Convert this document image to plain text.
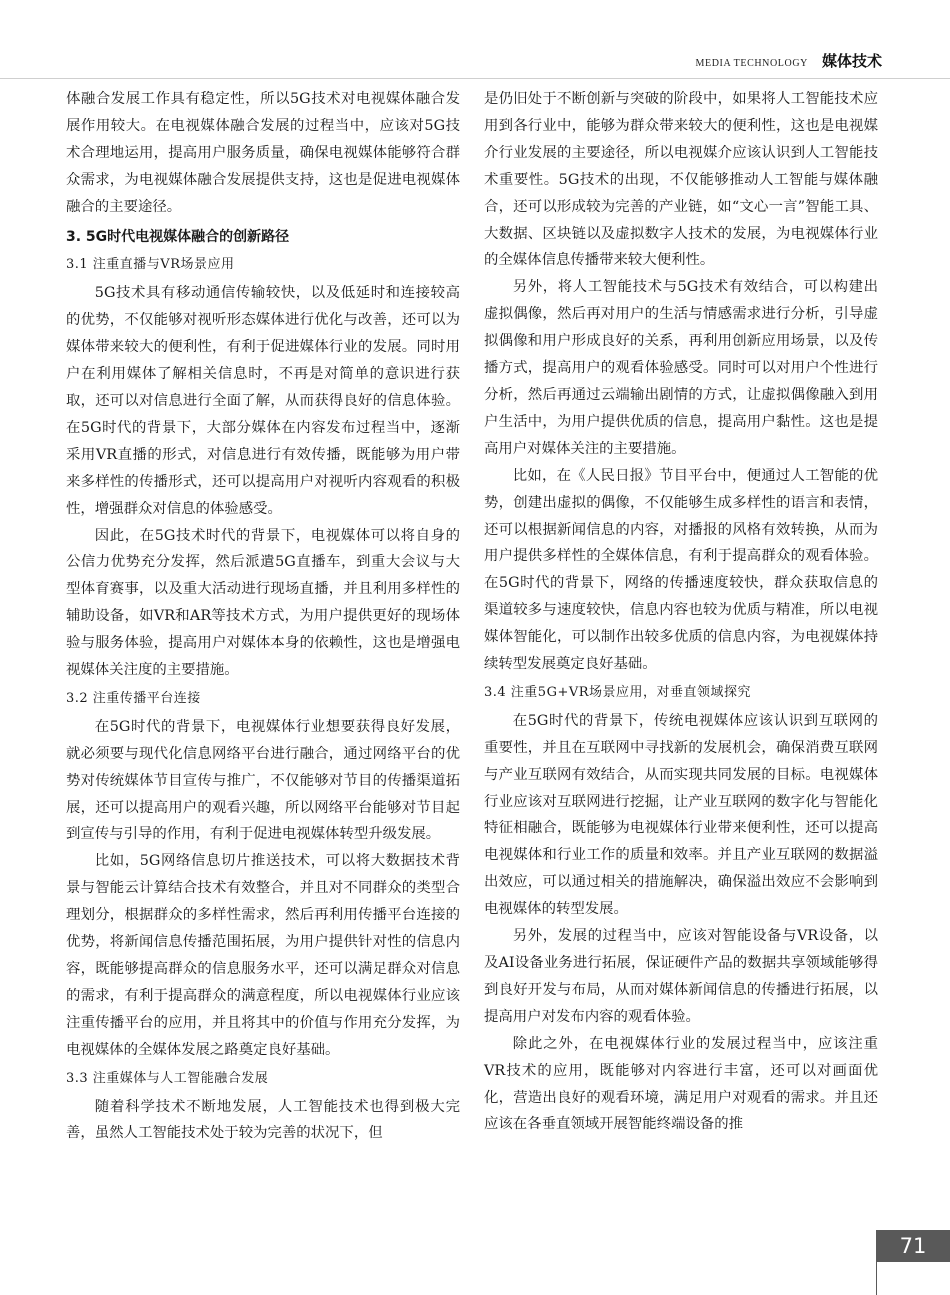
MEDIA TECHNOLOGY 媒体技术

体融合发展工作具有稳定性，所以5G技术对电视媒体融合发展作用较大。在电视媒体融合发展的过程当中，应该对5G技术合理地运用，提高用户服务质量，确保电视媒体能够符合群众需求，为电视媒体融合发展提供支持，这也是促进电视媒体融合的主要途径。

3. 5G时代电视媒体融合的创新路径
3.1 注重直播与VR场景应用

5G技术具有移动通信传输较快，以及低延时和连接较高的优势，不仅能够对视听形态媒体进行优化与改善，还可以为媒体带来较大的便利性，有利于促进媒体行业的发展。同时用户在利用媒体了解相关信息时，不再是对简单的意识进行获取，还可以对信息进行全面了解，从而获得良好的信息体验。在5G时代的背景下，大部分媒体在内容发布过程当中，逐渐采用VR直播的形式，对信息进行有效传播，既能够为用户带来多样性的传播形式，还可以提高用户对视听内容观看的积极性，增强群众对信息的体验感受。

因此，在5G技术时代的背景下，电视媒体可以将自身的公信力优势充分发挥，然后派遣5G直播车，到重大会议与大型体育赛事，以及重大活动进行现场直播，并且利用多样性的辅助设备，如VR和AR等技术方式，为用户提供更好的现场体验与服务体验，提高用户对媒体本身的依赖性，这也是增强电视媒体关注度的主要措施。

3.2 注重传播平台连接

在5G时代的背景下，电视媒体行业想要获得良好发展，就必须要与现代化信息网络平台进行融合，通过网络平台的优势对传统媒体节目宣传与推广，不仅能够对节目的传播渠道拓展，还可以提高用户的观看兴趣，所以网络平台能够对节目起到宣传与引导的作用，有利于促进电视媒体转型升级发展。

比如，5G网络信息切片推送技术，可以将大数据技术背景与智能云计算结合技术有效整合，并且对不同群众的类型合理划分，根据群众的多样性需求，然后再利用传播平台连接的优势，将新闻信息传播范围拓展，为用户提供针对性的信息内容，既能够提高群众的信息服务水平，还可以满足群众对信息的需求，有利于提高群众的满意程度，所以电视媒体行业应该注重传播平台的应用，并且将其中的价值与作用充分发挥，为电视媒体的全媒体发展之路奠定良好基础。

3.3 注重媒体与人工智能融合发展

随着科学技术不断地发展，人工智能技术也得到极大完善，虽然人工智能技术处于较为完善的状况下，但

是仍旧处于不断创新与突破的阶段中，如果将人工智能技术应用到各行业中，能够为群众带来较大的便利性，这也是电视媒介行业发展的主要途径，所以电视媒介应该认识到人工智能技术重要性。5G技术的出现，不仅能够推动人工智能与媒体融合，还可以形成较为完善的产业链，如“文心一言”智能工具、大数据、区块链以及虚拟数字人技术的发展，为电视媒体行业的全媒体信息传播带来较大便利性。

另外，将人工智能技术与5G技术有效结合，可以构建出虚拟偶像，然后再对用户的生活与情感需求进行分析，引导虚拟偶像和用户形成良好的关系，再利用创新应用场景，以及传播方式，提高用户的观看体验感受。同时可以对用户个性进行分析，然后再通过云端输出剧情的方式，让虚拟偶像融入到用户生活中，为用户提供优质的信息，提高用户黏性。这也是提高用户对媒体关注的主要措施。

比如，在《人民日报》节目平台中，便通过人工智能的优势，创建出虚拟的偶像，不仅能够生成多样性的语言和表情，还可以根据新闻信息的内容，对播报的风格有效转换，从而为用户提供多样性的全媒体信息，有利于提高群众的观看体验。在5G时代的背景下，网络的传播速度较快，群众获取信息的渠道较多与速度较快，信息内容也较为优质与精准，所以电视媒体智能化，可以制作出较多优质的信息内容，为电视媒体持续转型发展奠定良好基础。

3.4 注重5G+VR场景应用，对垂直领域探究

在5G时代的背景下，传统电视媒体应该认识到互联网的重要性，并且在互联网中寻找新的发展机会，确保消费互联网与产业互联网有效结合，从而实现共同发展的目标。电视媒体行业应该对互联网进行挖掘，让产业互联网的数字化与智能化特征相融合，既能够为电视媒体行业带来便利性，还可以提高电视媒体和行业工作的质量和效率。并且产业互联网的数据溢出效应，可以通过相关的措施解决，确保溢出效应不会影响到电视媒体的转型发展。

另外，发展的过程当中，应该对智能设备与VR设备，以及AI设备业务进行拓展，保证硬件产品的数据共享领域能够得到良好开发与布局，从而对媒体新闻信息的传播进行拓展，以提高用户对发布内容的观看体验。

除此之外，在电视媒体行业的发展过程当中，应该注重VR技术的应用，既能够对内容进行丰富，还可以对画面优化，营造出良好的观看环境，满足用户对观看的需求。并且还应该在各垂直领域开展智能终端设备的推

71
